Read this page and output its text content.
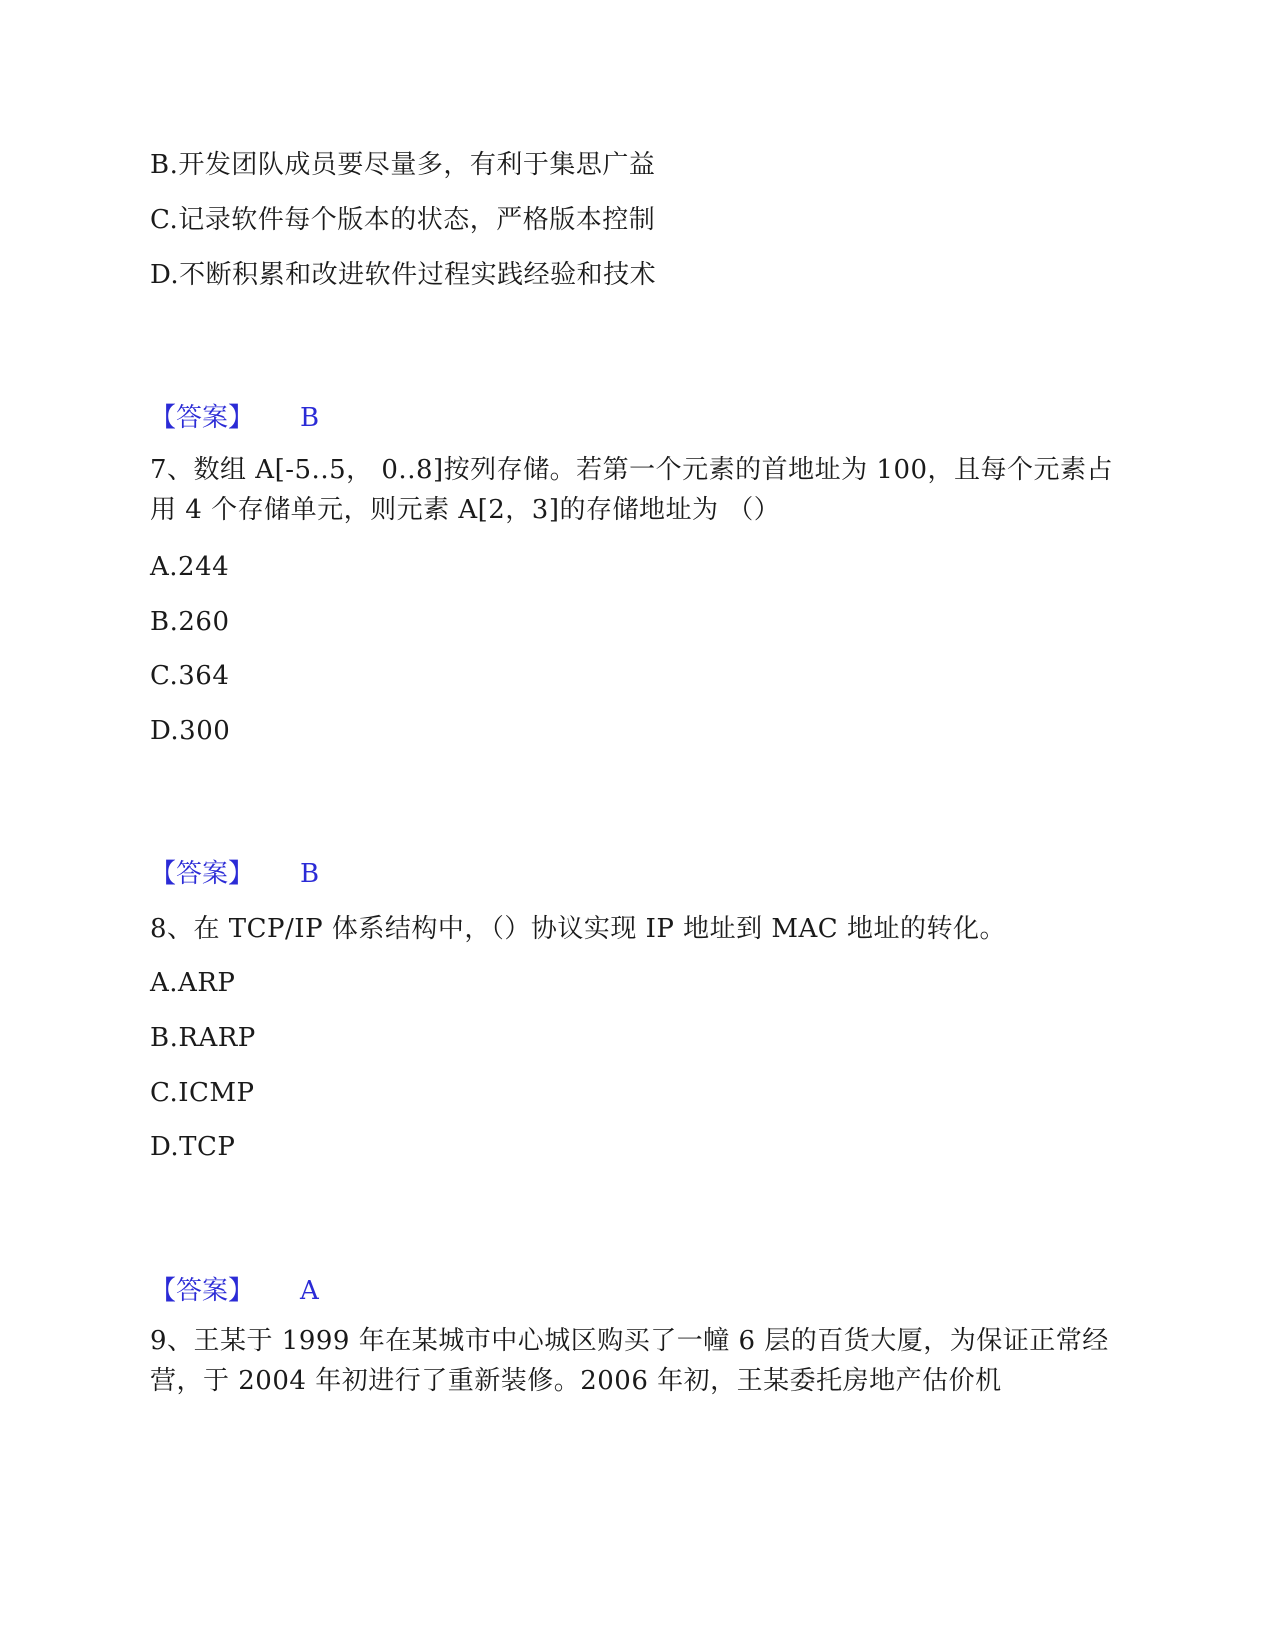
B.开发团队成员要尽量多，有利于集思广益
C.记录软件每个版本的状态，严格版本控制
D.不断积累和改进软件过程实践经验和技术
【答案】 B
7、数组 A[-5..5， 0..8]按列存储。若第一个元素的首地址为 100，且每个元素占用 4 个存储单元，则元素 A[2，3]的存储地址为 （）
A.244
B.260
C.364
D.300
【答案】 B
8、在 TCP/IP 体系结构中，（）协议实现 IP 地址到 MAC 地址的转化。
A.ARP
B.RARP
C.ICMP
D.TCP
【答案】 A
9、王某于 1999 年在某城市中心城区购买了一幢 6 层的百货大厦，为保证正常经营，于 2004 年初进行了重新装修。2006 年初，王某委托房地产估价机
